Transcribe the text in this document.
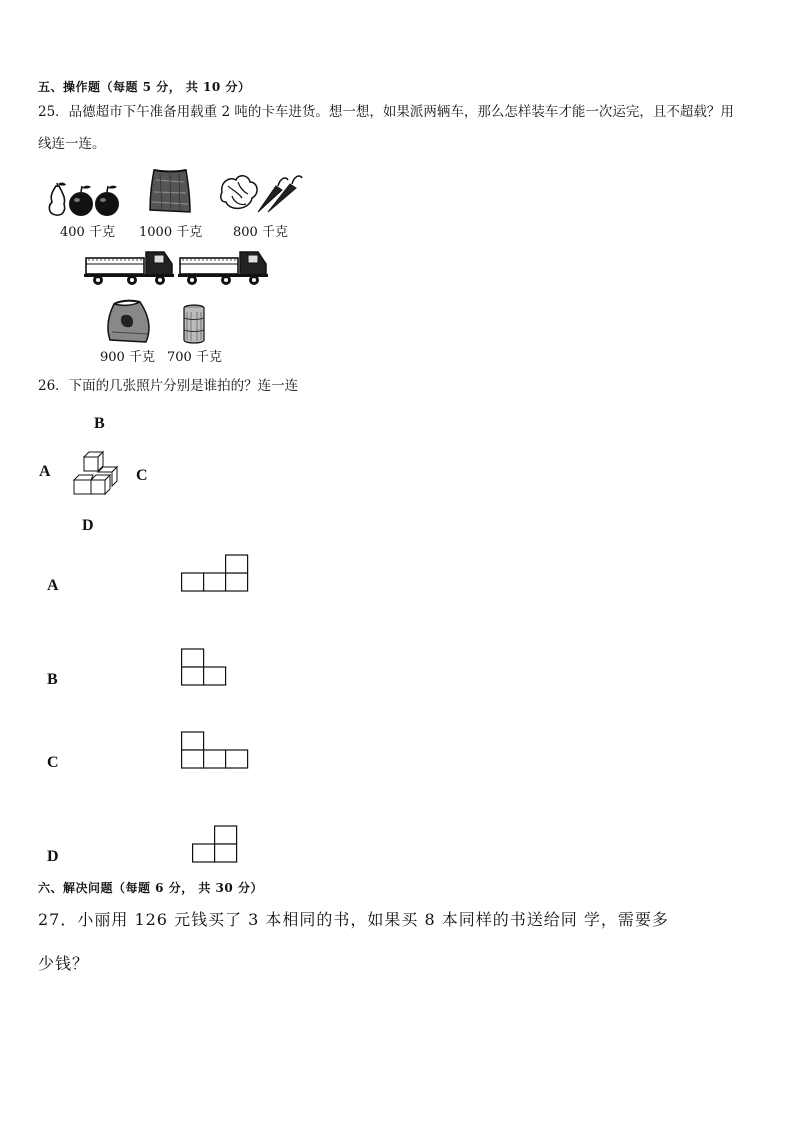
五、操作题（每题 5 分， 共 10 分）
25．品德超市下午准备用载重 2 吨的卡车进货。想一想，如果派两辆车，那么怎样装车才能一次运完，且不超载？用
线连一连。
400 千克 1000 千克 800 千克
900 千克 700 千克
26．下面的几张照片分别是谁拍的？连一连
B
A	C
D
A
B
C
D
六、解决问题（每题 6 分， 共 30 分）
27．小丽用 126 元钱买了 3 本相同的书，如果买 8 本同样的书送给同 学，需要多
少钱？
